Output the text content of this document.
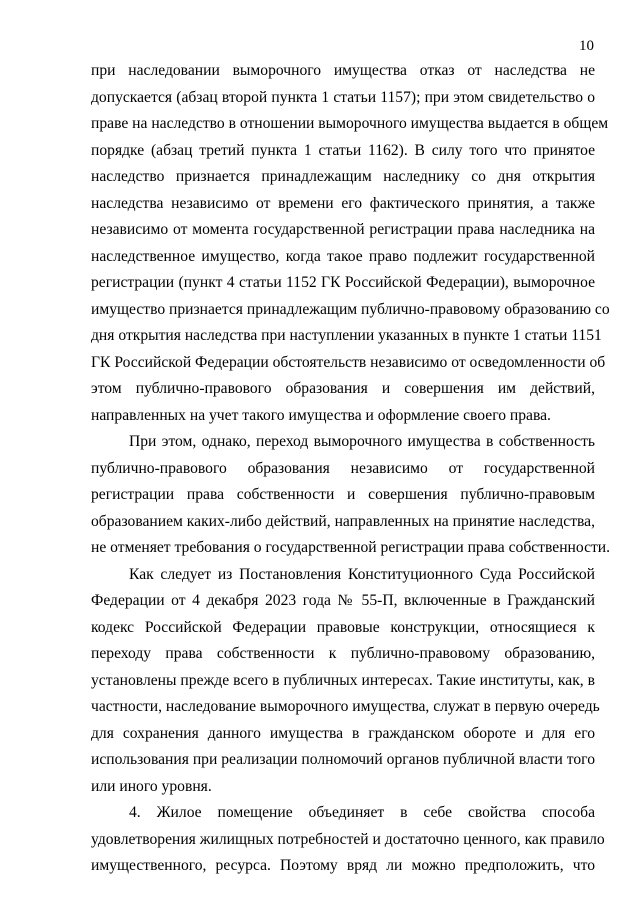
10
при наследовании выморочного имущества отказ от наследства не
допускается (абзац второй пункта 1 статьи 1157); при этом свидетельство о
праве на наследство в отношении выморочного имущества выдается в общем
порядке (абзац третий пункта 1 статьи 1162). В силу того что принятое
наследство признается принадлежащим наследнику со дня открытия
наследства независимо от времени его фактического принятия, а также
независимо от момента государственной регистрации права наследника на
наследственное имущество, когда такое право подлежит государственной
регистрации (пункт 4 статьи 1152 ГК Российской Федерации), выморочное
имущество признается принадлежащим публично-правовому образованию со
дня открытия наследства при наступлении указанных в пункте 1 статьи 1151
ГК Российской Федерации обстоятельств независимо от осведомленности об
этом публично-правового образования и совершения им действий,
направленных на учет такого имущества и оформление своего права.
При этом, однако, переход выморочного имущества в собственность
публично-правового образования независимо от государственной
регистрации права собственности и совершения публично-правовым
образованием каких-либо действий, направленных на принятие наследства,
не отменяет требования о государственной регистрации права собственности.
Как следует из Постановления Конституционного Суда Российской
Федерации от 4 декабря 2023 года № 55-П, включенные в Гражданский
кодекс Российской Федерации правовые конструкции, относящиеся к
переходу права собственности к публично-правовому образованию,
установлены прежде всего в публичных интересах. Такие институты, как, в
частности, наследование выморочного имущества, служат в первую очередь
для сохранения данного имущества в гражданском обороте и для его
использования при реализации полномочий органов публичной власти того
или иного уровня.
4. Жилое помещение объединяет в себе свойства способа
удовлетворения жилищных потребностей и достаточно ценного, как правило
имущественного, ресурса. Поэтому вряд ли можно предположить, что
